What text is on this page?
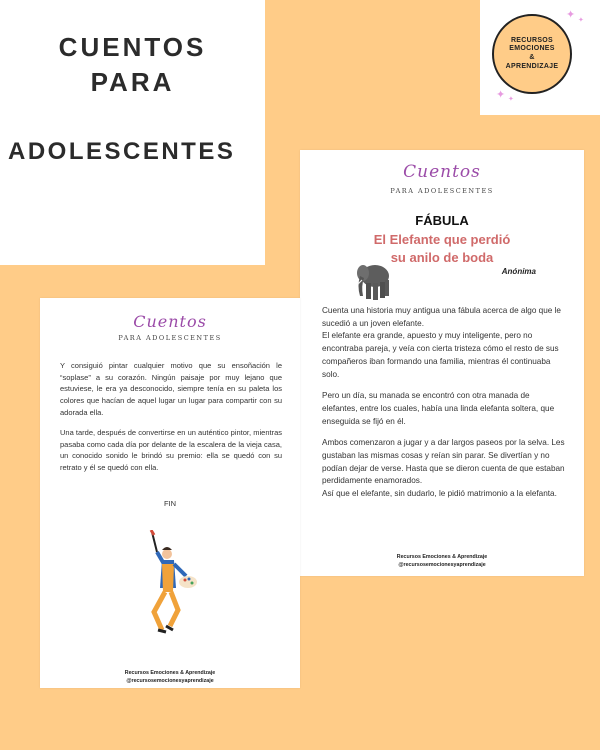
CUENTOS
PARA
ADOLESCENTES
✦ ✦
✦ ✦
RECURSOS
EMOCIONES
&
APRENDIZAJE
Cuentos
PARA ADOLESCENTES
FÁBULA
El Elefante que perdió
su anilo de boda
Anónima

Cuenta una historia muy antigua una fábula acerca de algo que le sucedió a un joven elefante.
El elefante era grande, apuesto y muy inteligente, pero no encontraba pareja, y veía con cierta tristeza cómo el resto de sus compañeros iban formando una familia, mientras él continuaba solo.

Pero un día, su manada se encontró con otra manada de elefantes, entre los cuales, había una linda elefanta soltera, que enseguida se fijó en él.

Ambos comenzaron a jugar y a dar largos paseos por la selva. Les gustaban las mismas cosas y reían sin parar. Se divertían y no podían dejar de verse. Hasta que se dieron cuenta de que estaban perdidamente enamorados.
Así que el elefante, sin dudarlo, le pidió matrimonio a la elefanta.

Recursos Emociones & Aprendizaje
@recursosemocionesyaprendizaje
Cuentos
PARA ADOLESCENTES

Y consiguió pintar cualquier motivo que su ensoñación le “soplase” a su corazón. Ningún paisaje por muy lejano que estuviese, le era ya desconocido, siempre tenía en su paleta los colores que hacían de aquel lugar un lugar para compartir con su adorada ella.

Una tarde, después de convertirse en un auténtico pintor, mientras pasaba como cada día por delante de la escalera de la vieja casa, un conocido sonido le brindó su premio: ella se quedó con su retrato y él se quedó con ella.

FIN
Recursos Emociones & Aprendizaje
@recursosemocionesyaprendizaje
